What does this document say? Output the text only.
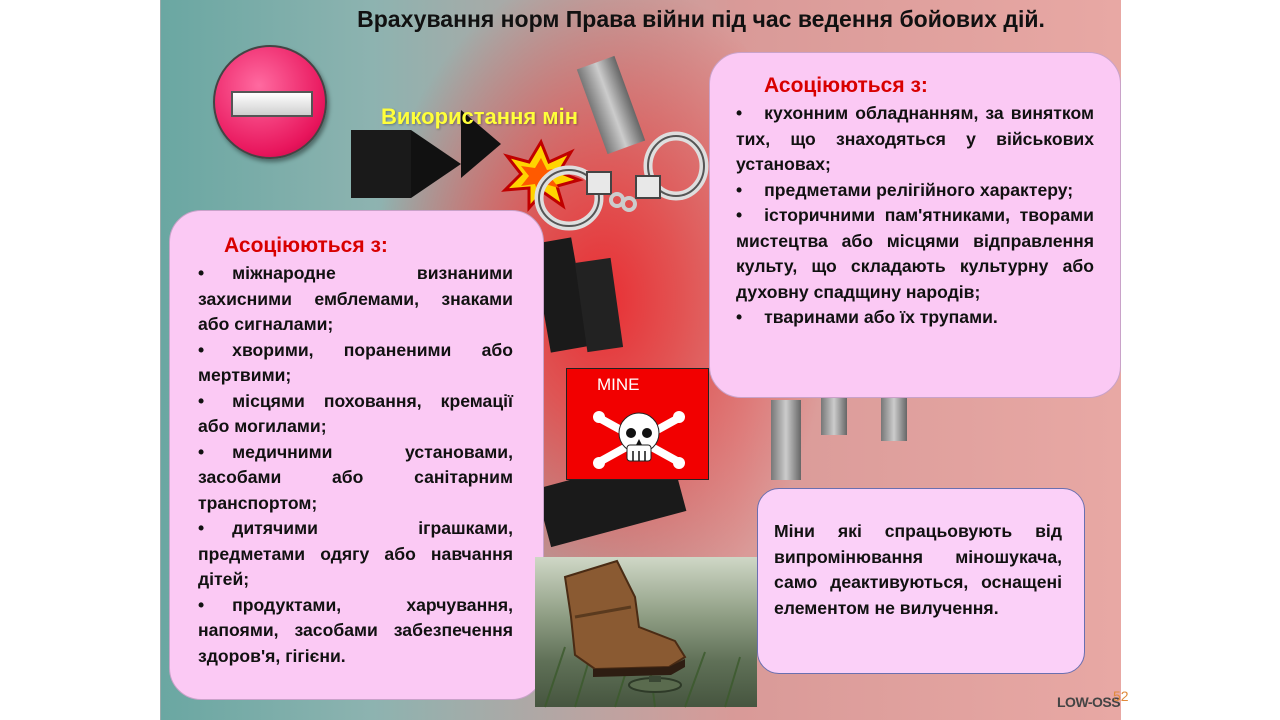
Врахування норм Права війни під час ведення бойових дій.
Використання мін
Асоціюються з:
• міжнародне визнаними захисними емблемами, знаками або сигналами;
• хворими, пораненими або мертвими;
• місцями поховання, кремації або могилами;
• медичними установами, засобами або санітарним транспортом;
• дитячими іграшками, предметами одягу або навчання дітей;
• продуктами, харчування, напоями, засобами забезпечення здоров'я, гігієни.
Асоціюються з:
• кухонним обладнанням, за винятком тих, що знаходяться у військових установах;
• предметами релігійного характеру;
• історичними пам'ятниками, творами мистецтва або місцями відправлення культу, що складають культурну або духовну спадщину народів;
• тваринами або їх трупами.
MINE
Міни які спрацьовують від випромінювання міношукача, само деактивуються, оснащені елементом не вилучення.
LOW-OSS
52
